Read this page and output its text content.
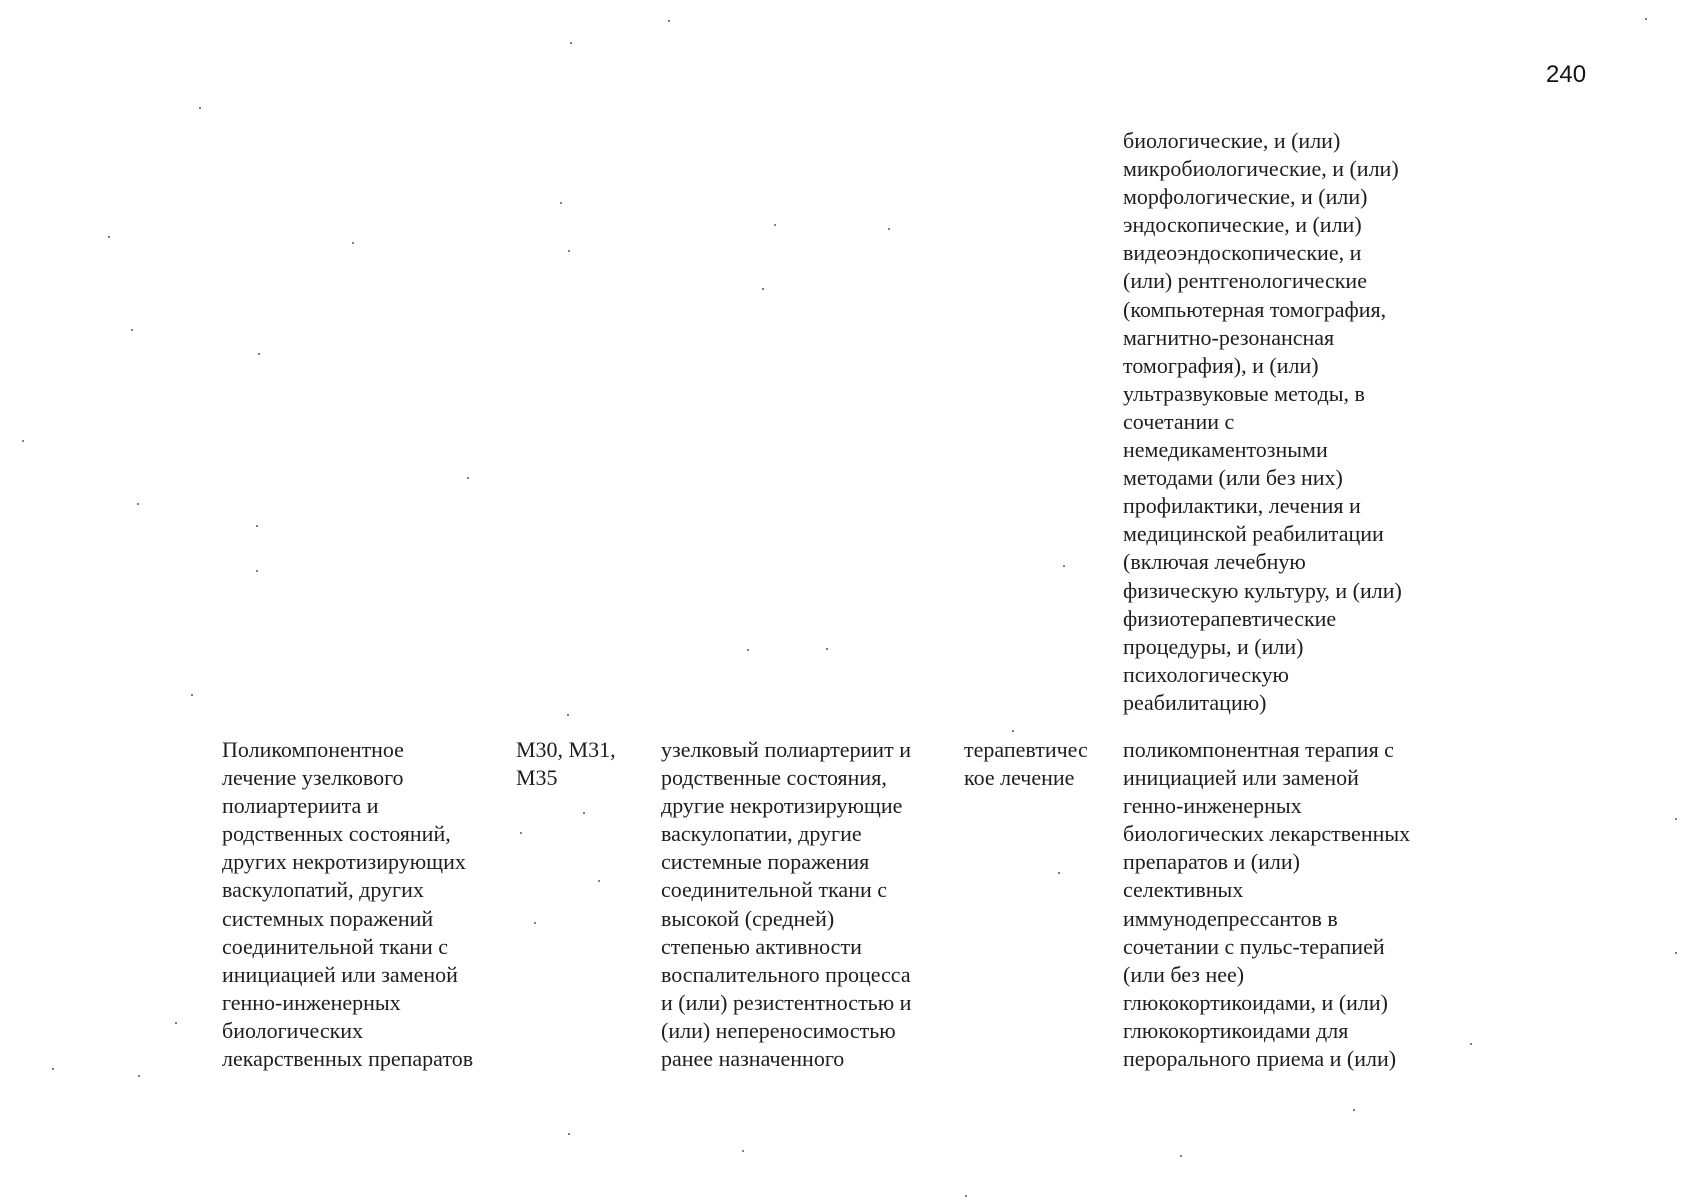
240
биологические, и (или)
микробиологические, и (или)
морфологические, и (или)
эндоскопические, и (или)
видеоэндоскопические, и
(или) рентгенологические
(компьютерная томография,
магнитно-резонансная
томография), и (или)
ультразвуковые методы, в
сочетании с
немедикаментозными
методами (или без них)
профилактики, лечения и
медицинской реабилитации
(включая лечебную
физическую культуру, и (или)
физиотерапевтические
процедуры, и (или)
психологическую
реабилитацию)
Поликомпонентное
лечение узелкового
полиартериита и
родственных состояний,
других некротизирующих
васкулопатий, других
системных поражений
соединительной ткани с
инициацией или заменой
генно-инженерных
биологических
лекарственных препаратов
M30, M31,
M35
узелковый полиартериит и
родственные состояния,
другие некротизирующие
васкулопатии, другие
системные поражения
соединительной ткани с
высокой (средней)
степенью активности
воспалительного процесса
и (или) резистентностью и
(или) непереносимостью
ранее назначенного
терапевтичес
кое лечение
поликомпонентная терапия с
инициацией или заменой
генно-инженерных
биологических лекарственных
препаратов и (или)
селективных
иммунодепрессантов в
сочетании с пульс-терапией
(или без нее)
глюкокортикоидами, и (или)
глюкокортикоидами для
перорального приема и (или)
